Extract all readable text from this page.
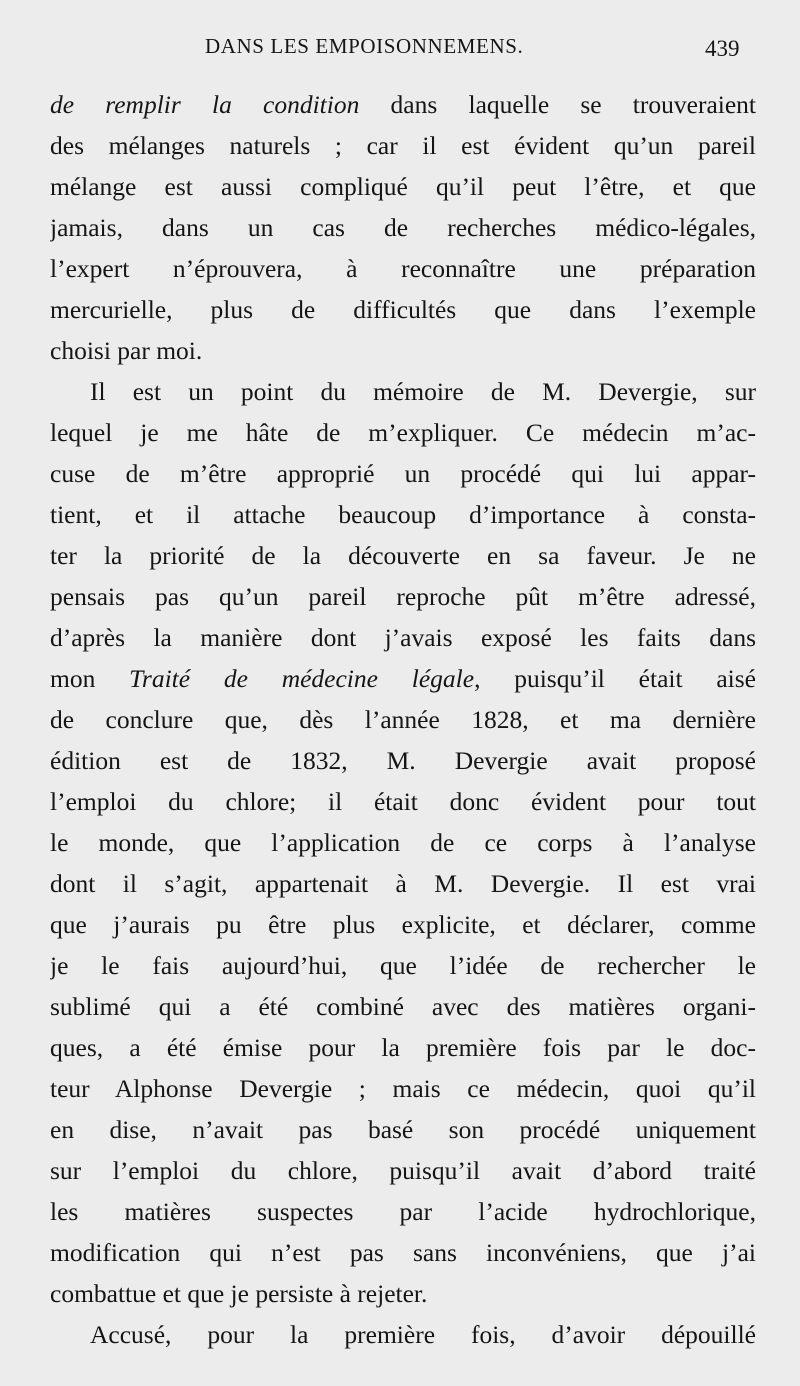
DANS LES EMPOISONNEMENS.	439
de remplir la condition dans laquelle se trouveraient
des mélanges naturels ; car il est évident qu’un pareil
mélange est aussi compliqué qu’il peut l’être, et que
jamais, dans un cas de recherches médico-légales,
l’expert n’éprouvera, à reconnaître une préparation
mercurielle, plus de difficultés que dans l’exemple
choisi par moi.
Il est un point du mémoire de M. Devergie, sur
lequel je me hâte de m’expliquer. Ce médecin m’ac-
cuse de m’être approprié un procédé qui lui appar-
tient, et il attache beaucoup d’importance à consta-
ter la priorité de la découverte en sa faveur. Je ne
pensais pas qu’un pareil reproche pût m’être adressé,
d’après la manière dont j’avais exposé les faits dans
mon Traité de médecine légale, puisqu’il était aisé
de conclure que, dès l’année 1828, et ma dernière
édition est de 1832, M. Devergie avait proposé
l’emploi du chlore; il était donc évident pour tout
le monde, que l’application de ce corps à l’analyse
dont il s’agit, appartenait à M. Devergie. Il est vrai
que j’aurais pu être plus explicite, et déclarer, comme
je le fais aujourd’hui, que l’idée de rechercher le
sublimé qui a été combiné avec des matières organi-
ques, a été émise pour la première fois par le doc-
teur Alphonse Devergie ; mais ce médecin, quoi qu’il
en dise, n’avait pas basé son procédé uniquement
sur l’emploi du chlore, puisqu’il avait d’abord traité
les matières suspectes par l’acide hydrochlorique,
modification qui n’est pas sans inconvéniens, que j’ai
combattue et que je persiste à rejeter.
Accusé, pour la première fois, d’avoir dépouillé
